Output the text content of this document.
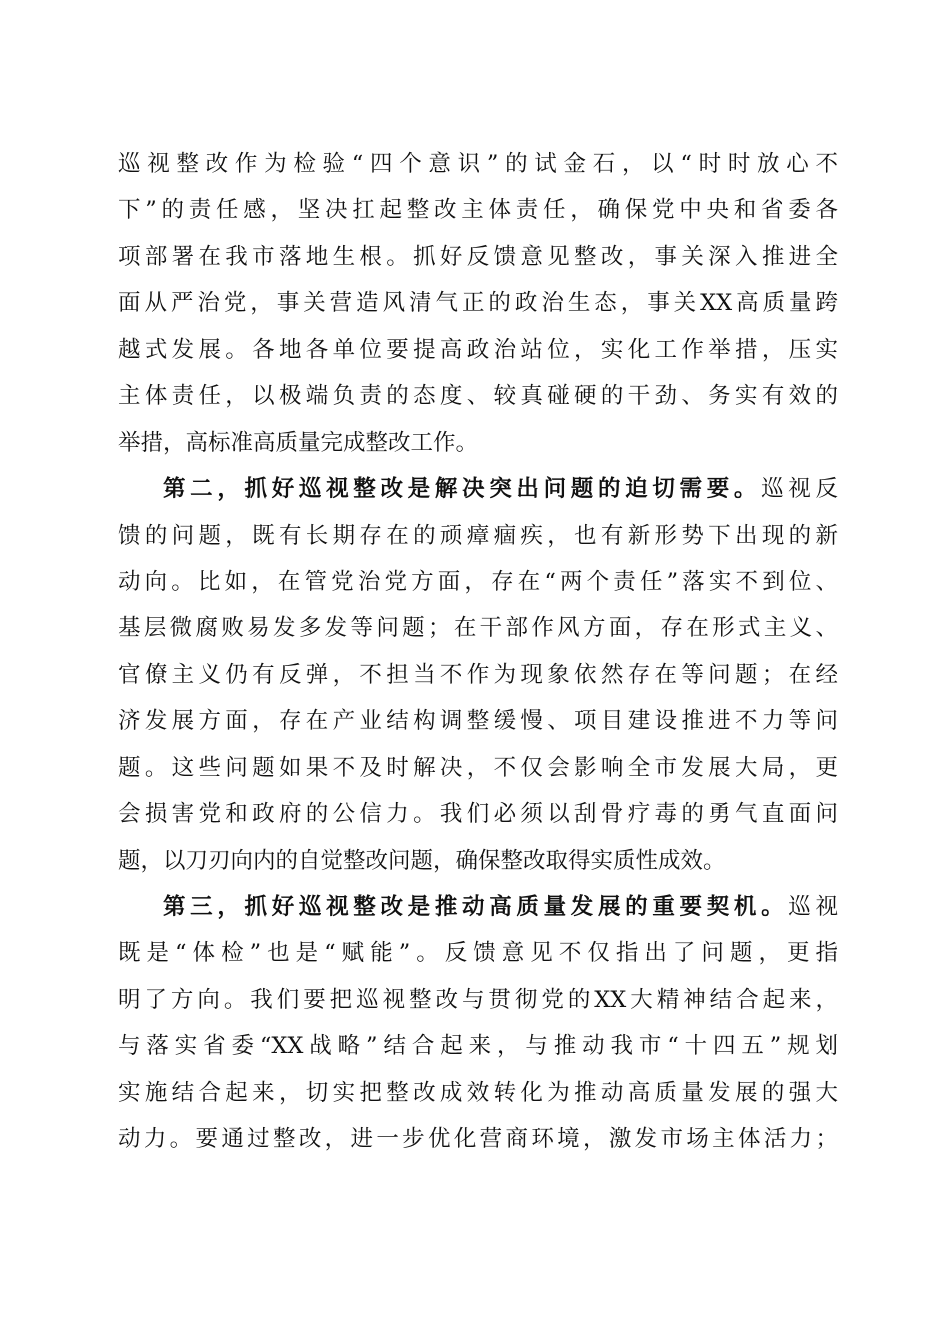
巡视整改作为检验“四个意识”的试金石，以“时时放心不
下”的责任感，坚决扛起整改主体责任，确保党中央和省委各
项部署在我市落地生根。抓好反馈意见整改，事关深入推进全
面从严治党，事关营造风清气正的政治生态，事关XX高质量跨
越式发展。各地各单位要提高政治站位，实化工作举措，压实
主体责任，以极端负责的态度、较真碰硬的干劲、务实有效的
举措，高标准高质量完成整改工作。
第二，抓好巡视整改是解决突出问题的迫切需要。巡视反
馈的问题，既有长期存在的顽瘴痼疾，也有新形势下出现的新
动向。比如，在管党治党方面，存在“两个责任”落实不到位、
基层微腐败易发多发等问题；在干部作风方面，存在形式主义、
官僚主义仍有反弹，不担当不作为现象依然存在等问题；在经
济发展方面，存在产业结构调整缓慢、项目建设推进不力等问
题。这些问题如果不及时解决，不仅会影响全市发展大局，更
会损害党和政府的公信力。我们必须以刮骨疗毒的勇气直面问
题，以刀刃向内的自觉整改问题，确保整改取得实质性成效。
第三，抓好巡视整改是推动高质量发展的重要契机。巡视
既是“体检”也是“赋能”。反馈意见不仅指出了问题，更指
明了方向。我们要把巡视整改与贯彻党的XX大精神结合起来，
与落实省委“XX战略”结合起来，与推动我市“十四五”规划
实施结合起来，切实把整改成效转化为推动高质量发展的强大
动力。要通过整改，进一步优化营商环境，激发市场主体活力；
